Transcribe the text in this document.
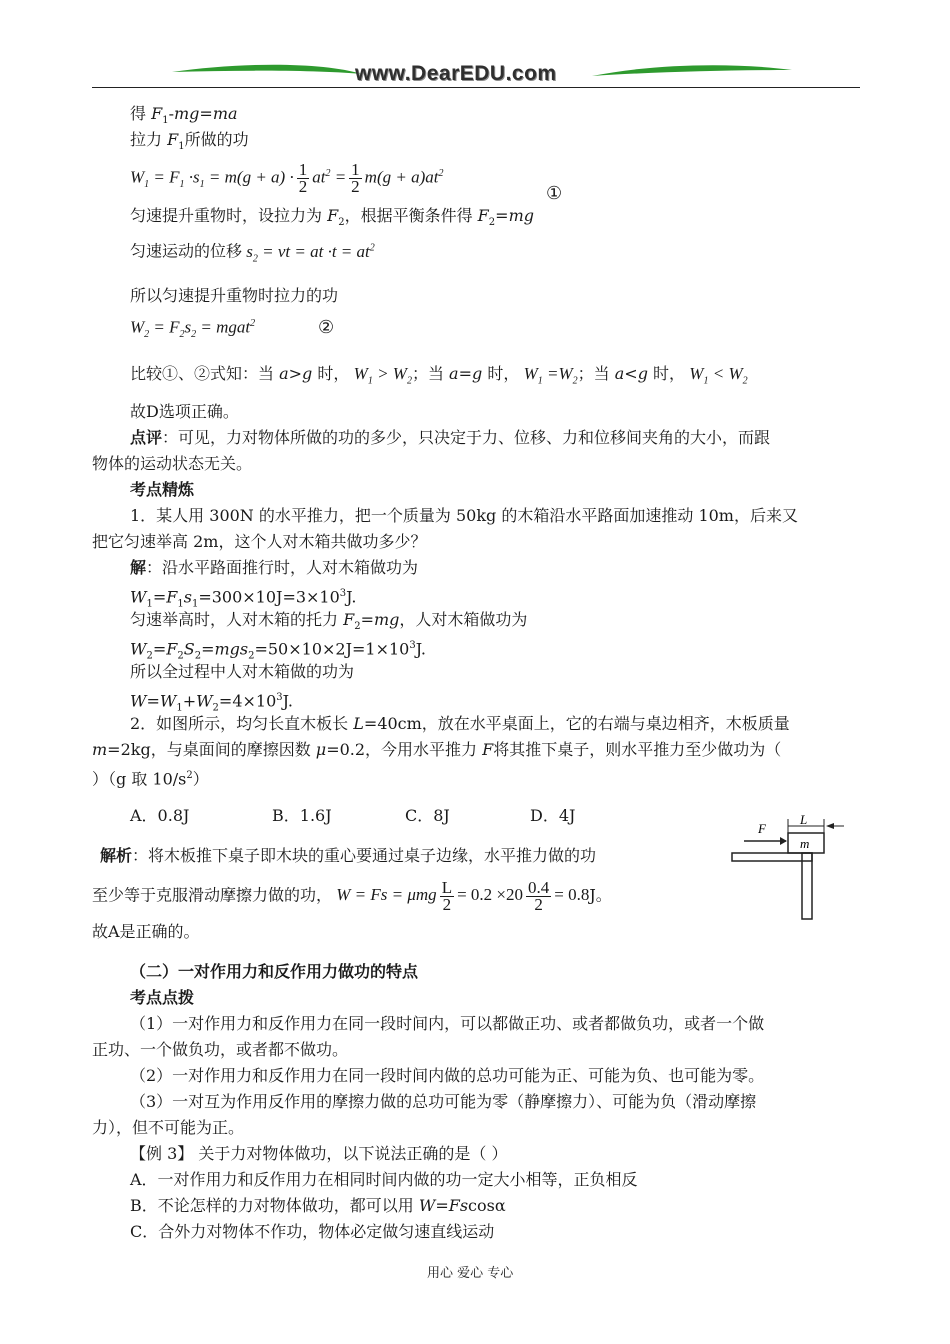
www.DearEDU.com
得 $F_1-mg=ma$
拉力 $F_1$所做的功
$W_1 = F_1 \cdot s_1 = m(g + a) \cdot \frac{1}{2} at^2 = \frac{1}{2} m(g + a)at^2$
①
匀速提升重物时，设拉力为 $F_2$，根据平衡条件得 $F_2=mg$
匀速运动的位移 $s_2$ = vt = at $\cdot t = at^2$
所以匀速提升重物时拉力的功
$W_2 = F_2s_2$ = mgat$^2$	②
比较①、②式知：当 a>g 时， $W_1 > W_2$；当 a=g 时， $W_1 =W_2$；当 a<g 时， $W_1 < W_2$
故D选项正确。
点评：可见，力对物体所做的功的多少，只决定于力、位移、力和位移间夹角的大小，而跟
物体的运动状态无关。
考点精炼
1．某人用 300N 的水平推力，把一个质量为 50kg 的木箱沿水平路面加速推动 10m，后来又
把它匀速举高 2m，这个人对木箱共做功多少？
解：沿水平路面推行时，人对木箱做功为
$W_1=F_1s_1=300\times 10J=3\times 10^3J$.
匀速举高时，人对木箱的托力 $F_2=mg$，人对木箱做功为
$W_2=F_2S_2=mgs_2=50\times 10\times 2J=1\times 10^3J$.
所以全过程中人对木箱做的功为
$W=W_1+W_2=4\times 10^3J$.
2．如图所示，均匀长直木板长 L=40cm，放在水平桌面上，它的右端与桌边相齐，木板质量
m=2kg，与桌面间的摩擦因数 μ=0.2，今用水平推力 F将其推下桌子，则水平推力至少做功为（
）（g 取 $10/s^2$）
A．0.8J	B．1.6J	C．8J	D．4J
m
F
L
解析：将木板推下桌子即木块的重心要通过桌子边缘，水平推力做的功
至少等于克服滑动摩擦力做的功， W = Fs = μmg $\frac{L}{2} = 0.2 \times 20 \frac{0.4}{2} = 0.8J$。
故A是正确的。
（二）一对作用力和反作用力做功的特点
考点点拨
（1）一对作用力和反作用力在同一段时间内，可以都做正功、或者都做负功，或者一个做
正功、一个做负功，或者都不做功。
（2）一对作用力和反作用力在同一段时间内做的总功可能为正、可能为负、也可能为零。
（3）一对互为作用反作用的摩擦力做的总功可能为零（静摩擦力）、可能为负（滑动摩擦
力），但不可能为正。
【例 3】 关于力对物体做功，以下说法正确的是（ ）
A．一对作用力和反作用力在相同时间内做的功一定大小相等，正负相反
B．不论怎样的力对物体做功，都可以用 W=Fscosα
C．合外力对物体不作功，物体必定做匀速直线运动
用心 爱心 专心
